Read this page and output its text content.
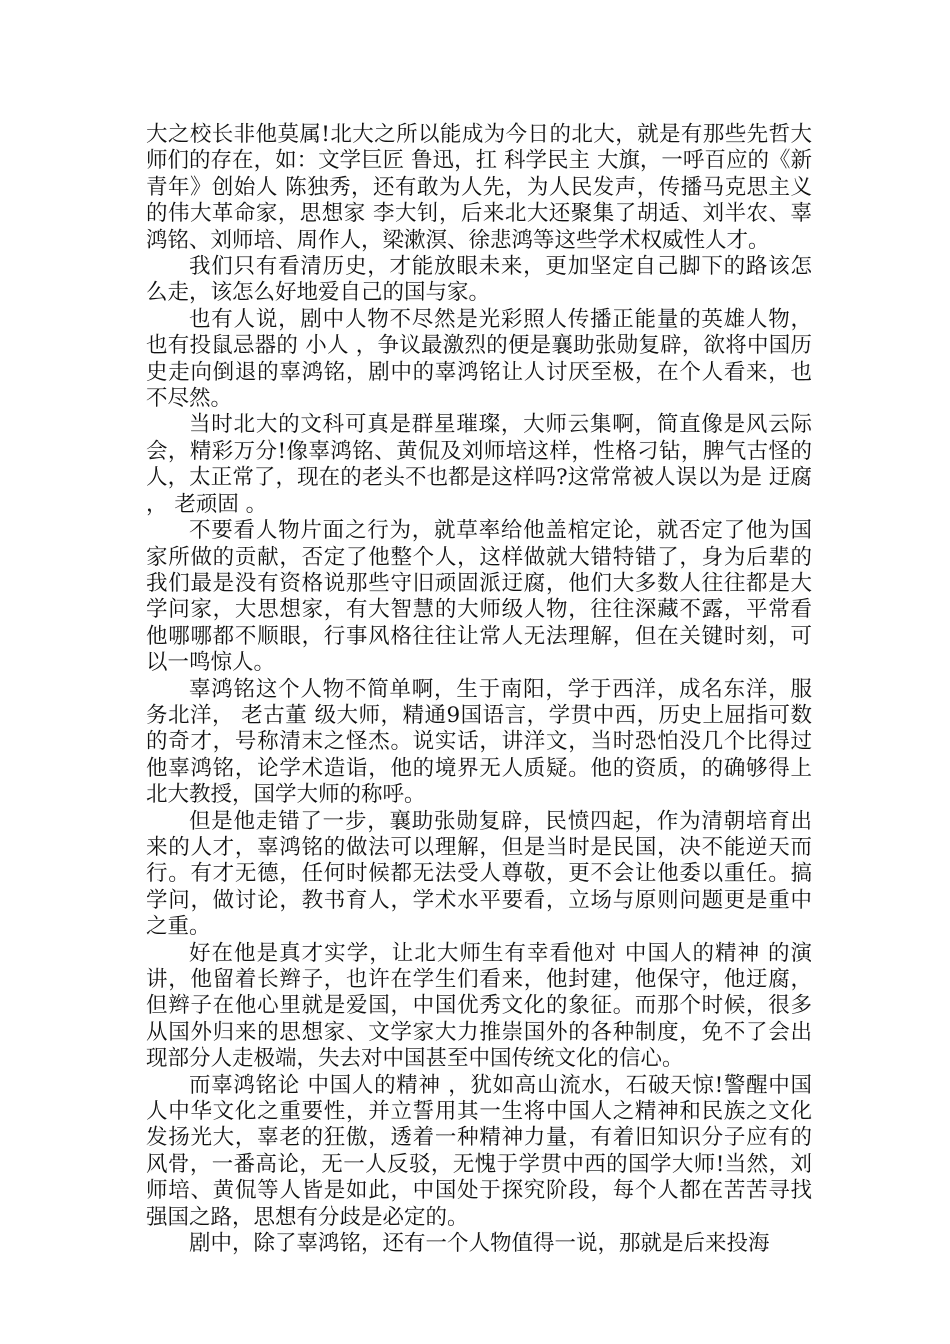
大之校长非他莫属!北大之所以能成为今日的北大，就是有那些先哲大师们的存在，如：文学巨匠 鲁迅，扛 科学民主 大旗，一呼百应的《新青年》创始人 陈独秀，还有敢为人先，为人民发声，传播马克思主义的伟大革命家，思想家 李大钊，后来北大还聚集了胡适、刘半农、辜鸿铭、刘师培、周作人，梁漱溟、徐悲鸿等这些学术权威性人才。

我们只有看清历史，才能放眼未来，更加坚定自己脚下的路该怎么走，该怎么好地爱自己的国与家。

也有人说，剧中人物不尽然是光彩照人传播正能量的英雄人物，也有投鼠忌器的 小人 ，争议最激烈的便是襄助张勋复辟，欲将中国历史走向倒退的辜鸿铭，剧中的辜鸿铭让人讨厌至极，在个人看来，也不尽然。

当时北大的文科可真是群星璀璨，大师云集啊，简直像是风云际会，精彩万分!像辜鸿铭、黄侃及刘师培这样，性格刁钻，脾气古怪的人，太正常了，现在的老头不也都是这样吗?这常常被人误以为是 迂腐 ， 老顽固 。

不要看人物片面之行为，就草率给他盖棺定论，就否定了他为国家所做的贡献，否定了他整个人，这样做就大错特错了，身为后辈的我们最是没有资格说那些守旧顽固派迂腐，他们大多数人往往都是大学问家，大思想家，有大智慧的大师级人物，往往深藏不露，平常看他哪哪都不顺眼，行事风格往往让常人无法理解，但在关键时刻，可以一鸣惊人。

辜鸿铭这个人物不简单啊，生于南阳，学于西洋，成名东洋，服务北洋， 老古董 级大师，精通9国语言，学贯中西，历史上屈指可数的奇才，号称清末之怪杰。说实话，讲洋文，当时恐怕没几个比得过他辜鸿铭，论学术造诣，他的境界无人质疑。他的资质，的确够得上北大教授，国学大师的称呼。

但是他走错了一步，襄助张勋复辟，民愤四起，作为清朝培育出来的人才，辜鸿铭的做法可以理解，但是当时是民国，决不能逆天而行。有才无德，任何时候都无法受人尊敬，更不会让他委以重任。搞学问，做讨论，教书育人，学术水平要看，立场与原则问题更是重中之重。

好在他是真才实学，让北大师生有幸看他对 中国人的精神 的演讲，他留着长辫子，也许在学生们看来，他封建，他保守，他迂腐，但辫子在他心里就是爱国，中国优秀文化的象征。而那个时候，很多从国外归来的思想家、文学家大力推崇国外的各种制度，免不了会出现部分人走极端，失去对中国甚至中国传统文化的信心。

而辜鸿铭论 中国人的精神 ，犹如高山流水，石破天惊!警醒中国人中华文化之重要性，并立誓用其一生将中国人之精神和民族之文化发扬光大，辜老的狂傲，透着一种精神力量，有着旧知识分子应有的风骨，一番高论，无一人反驳，无愧于学贯中西的国学大师!当然，刘师培、黄侃等人皆是如此，中国处于探究阶段，每个人都在苦苦寻找强国之路，思想有分歧是必定的。

剧中，除了辜鸿铭，还有一个人物值得一说，那就是后来投海
